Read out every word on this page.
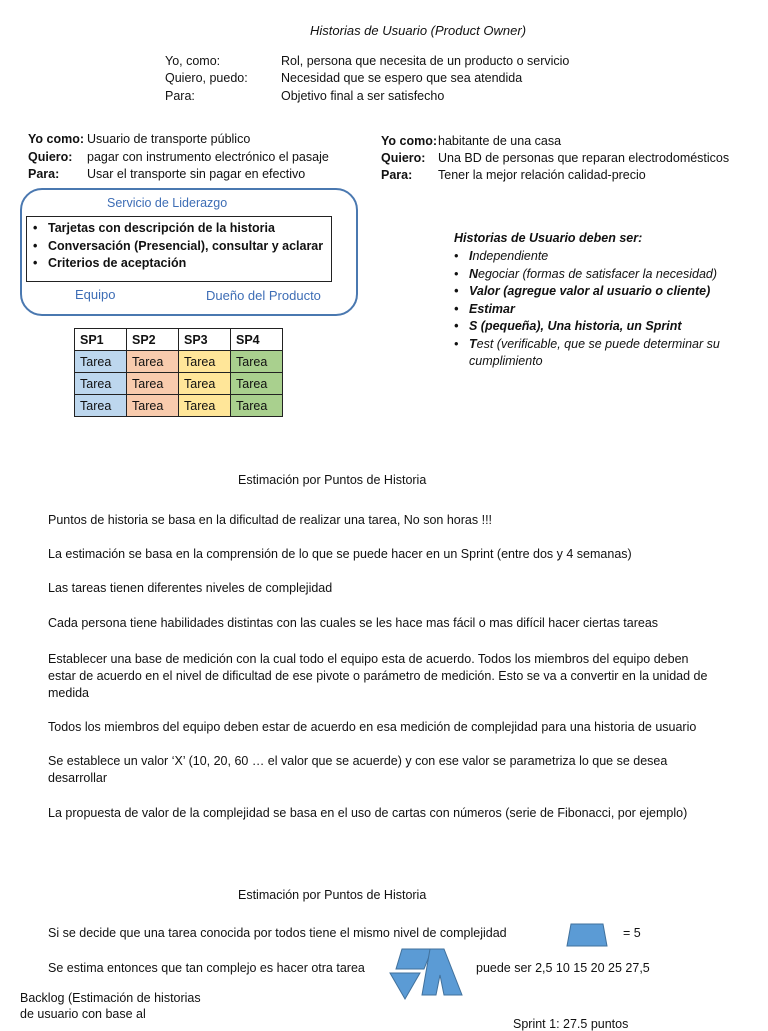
Historias de Usuario (Product Owner)
Yo, como:	Rol, persona que necesita de un producto o servicio
Quiero, puedo:	Necesidad que se espero que sea atendida
Para:	Objetivo final a ser satisfecho
Yo como: Usuario de transporte público
Quiero: pagar con instrumento electrónico el pasaje
Para: Usar el transporte sin pagar en efectivo
Yo como: habitante de una casa
Quiero: Una BD de personas que reparan electrodomésticos
Para: Tener la mejor relación calidad-precio
Servicio de Liderazgo
• Tarjetas con descripción de la historia
• Conversación (Presencial), consultar y aclarar
• Criterios de aceptación
Equipo	Dueño del Producto
SP1	SP2	SP3	SP4
Tarea	Tarea	Tarea	Tarea
Tarea	Tarea	Tarea	Tarea
Tarea	Tarea	Tarea	Tarea
Historias de Usuario deben ser:
• Independiente
• Negociar (formas de satisfacer la necesidad)
• Valor (agregue valor al usuario o cliente)
• Estimar
• S (pequeña), Una historia, un Sprint
• Test (verificable, que se puede determinar su cumplimiento
Estimación por Puntos de Historia
Puntos de historia se basa en la dificultad de realizar una tarea, No son horas !!!
La estimación se basa en la comprensión de lo que se puede hacer en un Sprint (entre dos y 4 semanas)
Las tareas tienen diferentes niveles de complejidad
Cada persona tiene habilidades distintas con las cuales se les hace mas fácil o mas difícil hacer ciertas tareas
Establecer una base de medición con la cual todo el equipo esta de acuerdo. Todos los miembros del equipo deben estar de acuerdo en el nivel de dificultad de ese pivote o parámetro de medición. Esto se va a convertir en la unidad de medida
Todos los miembros del equipo deben estar de acuerdo en esa medición de complejidad para una historia de usuario
Se establece un valor ‘X’ (10, 20, 60 … el valor que se acuerde) y con ese valor se parametriza lo que se desea desarrollar
La propuesta de valor de la complejidad se basa en el uso de cartas con números (serie de Fibonacci, por ejemplo)
Estimación por Puntos de Historia
Si se decide que una tarea conocida por todos tiene el mismo nivel de complejidad	= 5
Se estima entonces que tan complejo es hacer otra tarea	puede ser 2,5 10 15 20 25 27,5
Backlog (Estimación de historias de usuario con base al
Sprint 1: 27.5 puntos
